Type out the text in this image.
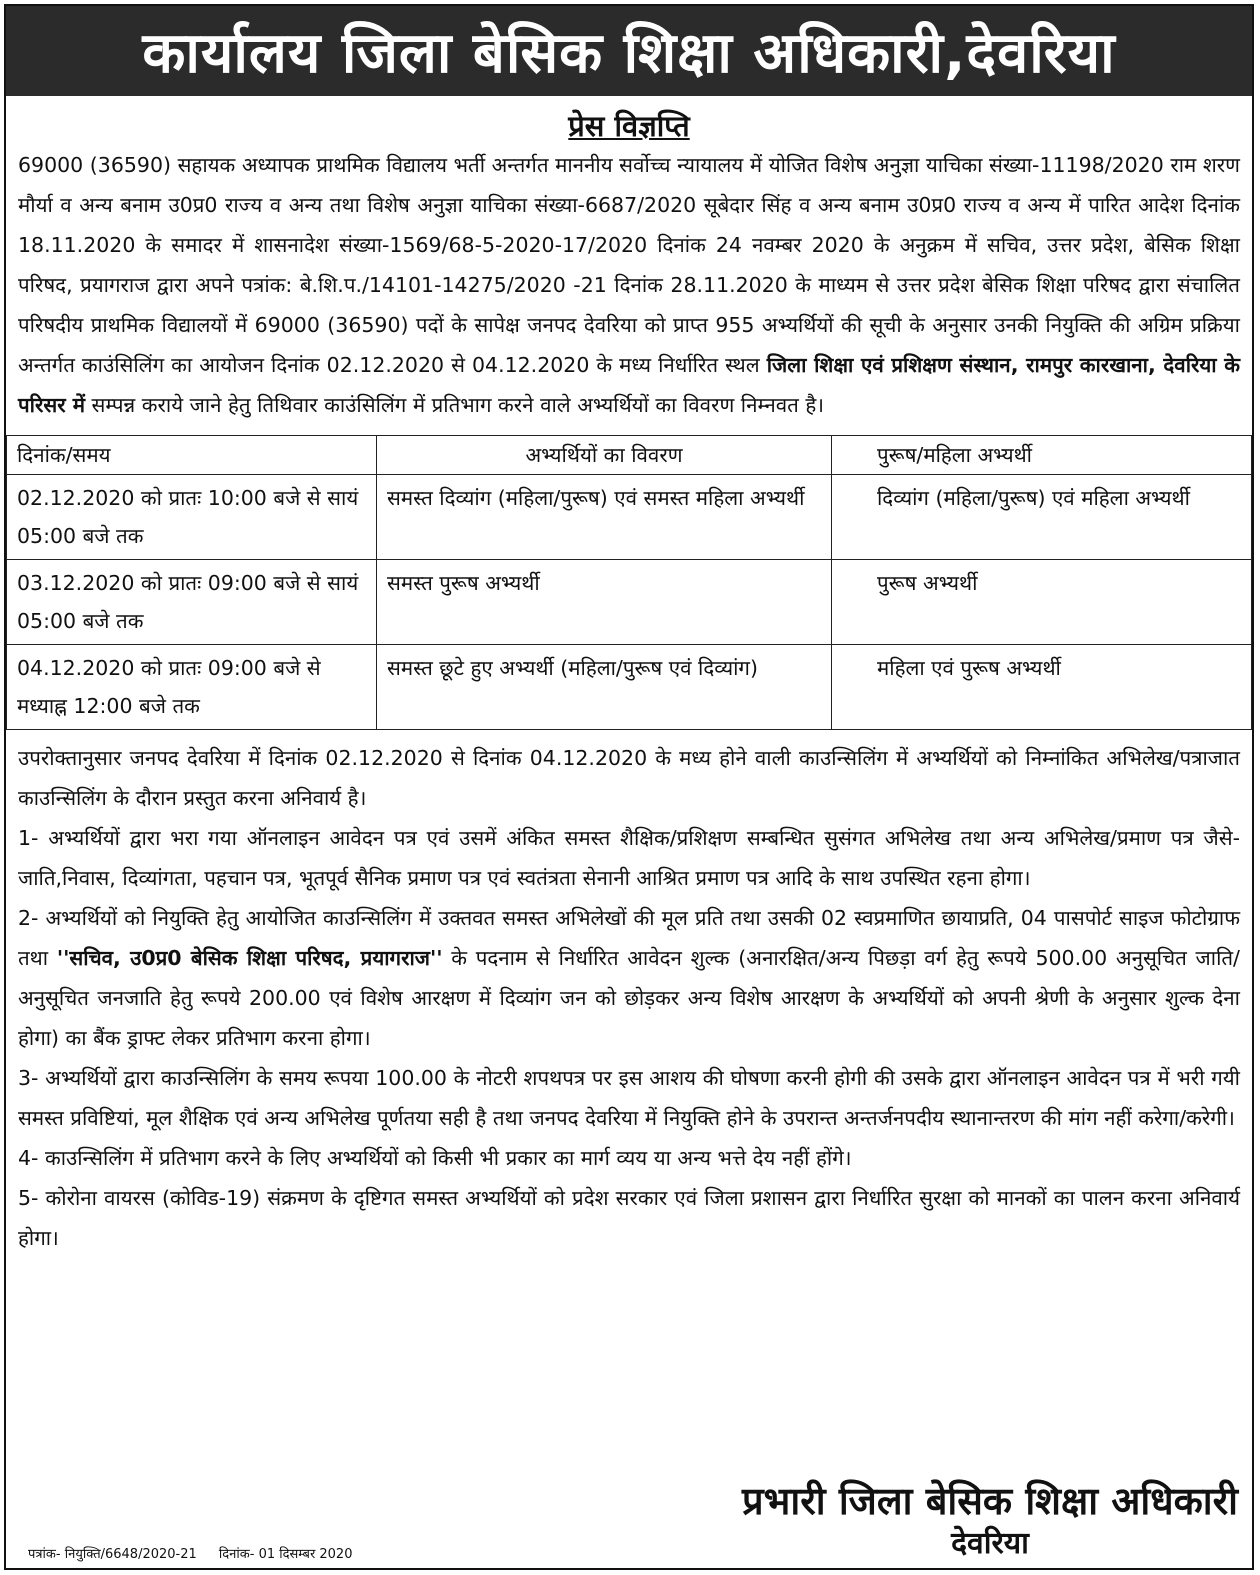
कार्यालय जिला बेसिक शिक्षा अधिकारी,देवरिया
प्रेस विज्ञप्ति
69000 (36590) सहायक अध्यापक प्राथमिक विद्यालय भर्ती अन्तर्गत माननीय सर्वोच्च न्यायालय में योजित विशेष अनुज्ञा याचिका संख्या-11198/2020 राम शरण मौर्या व अन्य बनाम उ0प्र0 राज्य व अन्य तथा विशेष अनुज्ञा याचिका संख्या-6687/2020 सूबेदार सिंह व अन्य बनाम उ0प्र0 राज्य व अन्य में पारित आदेश दिनांक 18.11.2020 के समादर में शासनादेश संख्या-1569/68-5-2020-17/2020 दिनांक 24 नवम्बर 2020 के अनुक्रम में सचिव, उत्तर प्रदेश, बेसिक शिक्षा परिषद, प्रयागराज द्वारा अपने पत्रांक: बे.शि.प./14101-14275/2020 -21 दिनांक 28.11.2020 के माध्यम से उत्तर प्रदेश बेसिक शिक्षा परिषद द्वारा संचालित परिषदीय प्राथमिक विद्यालयों में 69000 (36590) पदों के सापेक्ष जनपद देवरिया को प्राप्त 955 अभ्यर्थियों की सूची के अनुसार उनकी नियुक्ति की अग्रिम प्रक्रिया अन्तर्गत काउंसिलिंग का आयोजन दिनांक 02.12.2020 से 04.12.2020 के मध्य निर्धारित स्थल जिला शिक्षा एवं प्रशिक्षण संस्थान, रामपुर कारखाना, देवरिया के परिसर में सम्पन्न कराये जाने हेतु तिथिवार काउंसिलिंग में प्रतिभाग करने वाले अभ्यर्थियों का विवरण निम्नवत है।
दिनांक/समय	अभ्यर्थियों का विवरण	पुरूष/महिला अभ्यर्थी
02.12.2020 को प्रातः 10:00 बजे से सायं 05:00 बजे तक	समस्त दिव्यांग (महिला/पुरूष) एवं समस्त महिला अभ्यर्थी	दिव्यांग (महिला/पुरूष) एवं महिला अभ्यर्थी
03.12.2020 को प्रातः 09:00 बजे से सायं 05:00 बजे तक	समस्त पुरूष अभ्यर्थी	पुरूष अभ्यर्थी
04.12.2020 को प्रातः 09:00 बजे से मध्याह्न 12:00 बजे तक	समस्त छूटे हुए अभ्यर्थी (महिला/पुरूष एवं दिव्यांग)	महिला एवं पुरूष अभ्यर्थी

उपरोक्तानुसार जनपद देवरिया में दिनांक 02.12.2020 से दिनांक 04.12.2020 के मध्य होने वाली काउन्सिलिंग में अभ्यर्थियों को निम्नांकित अभिलेख/पत्राजात काउन्सिलिंग के दौरान प्रस्तुत करना अनिवार्य है।

1- अभ्यर्थियों द्वारा भरा गया ऑनलाइन आवेदन पत्र एवं उसमें अंकित समस्त शैक्षिक/प्रशिक्षण सम्बन्धित सुसंगत अभिलेख तथा अन्य अभिलेख/प्रमाण पत्र जैसे-जाति,निवास, दिव्यांगता, पहचान पत्र, भूतपूर्व सैनिक प्रमाण पत्र एवं स्वतंत्रता सेनानी आश्रित प्रमाण पत्र आदि के साथ उपस्थित रहना होगा।

2- अभ्यर्थियों को नियुक्ति हेतु आयोजित काउन्सिलिंग में उक्तवत समस्त अभिलेखों की मूल प्रति तथा उसकी 02 स्वप्रमाणित छायाप्रति, 04 पासपोर्ट साइज फोटोग्राफ तथा ''सचिव, उ0प्र0 बेसिक शिक्षा परिषद, प्रयागराज'' के पदनाम से निर्धारित आवेदन शुल्क (अनारक्षित/अन्य पिछड़ा वर्ग हेतु रूपये 500.00 अनुसूचित जाति/अनुसूचित जनजाति हेतु रूपये 200.00 एवं विशेष आरक्षण में दिव्यांग जन को छोड़कर अन्य विशेष आरक्षण के अभ्यर्थियों को अपनी श्रेणी के अनुसार शुल्क देना होगा) का बैंक ड्राफ्ट लेकर प्रतिभाग करना होगा।

3- अभ्यर्थियों द्वारा काउन्सिलिंग के समय रूपया 100.00 के नोटरी शपथपत्र पर इस आशय की घोषणा करनी होगी की उसके द्वारा ऑनलाइन आवेदन पत्र में भरी गयी समस्त प्रविष्टियां, मूल शैक्षिक एवं अन्य अभिलेख पूर्णतया सही है तथा जनपद देवरिया में नियुक्ति होने के उपरान्त अन्तर्जनपदीय स्थानान्तरण की मांग नहीं करेगा/करेगी।

4- काउन्सिलिंग में प्रतिभाग करने के लिए अभ्यर्थियों को किसी भी प्रकार का मार्ग व्यय या अन्य भत्ते देय नहीं होंगे।

5- कोरोना वायरस (कोविड-19) संक्रमण के दृष्टिगत समस्त अभ्यर्थियों को प्रदेश सरकार एवं जिला प्रशासन द्वारा निर्धारित सुरक्षा को मानकों का पालन करना अनिवार्य होगा।

प्रभारी जिला बेसिक शिक्षा अधिकारी
देवरिया
पत्रांक- नियुक्ति/6648/2020-21 दिनांक- 01 दिसम्बर 2020
